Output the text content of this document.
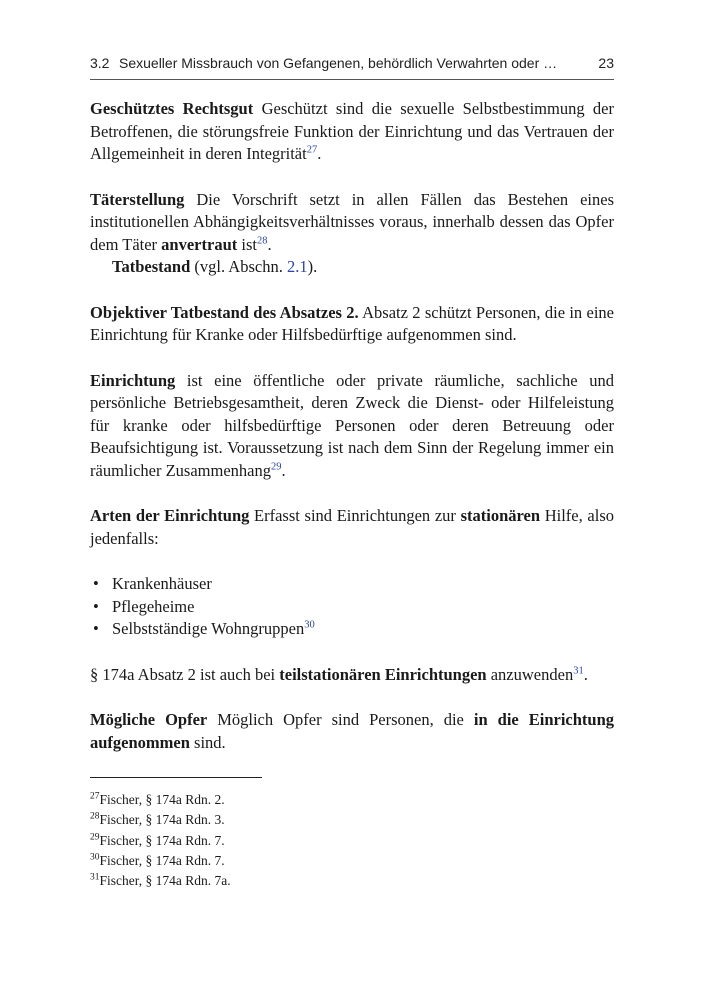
3.2 Sexueller Missbrauch von Gefangenen, behördlich Verwahrten oder …	23

Geschütztes Rechtsgut Geschützt sind die sexuelle Selbstbestimmung der Betroffenen, die störungsfreie Funktion der Einrichtung und das Vertrauen der Allgemeinheit in deren Integrität$^{27}$.

Täterstellung Die Vorschrift setzt in allen Fällen das Bestehen eines institutionellen Abhängigkeitsverhältnisses voraus, innerhalb dessen das Opfer dem Täter anvertraut ist$^{28}$.

Tatbestand (vgl. Abschn. 2.1).

Objektiver Tatbestand des Absatzes 2. Absatz 2 schützt Personen, die in eine Einrichtung für Kranke oder Hilfsbedürftige aufgenommen sind.

Einrichtung ist eine öffentliche oder private räumliche, sachliche und persönliche Betriebsgesamtheit, deren Zweck die Dienst- oder Hilfeleistung für kranke oder hilfsbedürftige Personen oder deren Betreuung oder Beaufsichtigung ist. Voraussetzung ist nach dem Sinn der Regelung immer ein räumlicher Zusammenhang$^{29}$.

Arten der Einrichtung Erfasst sind Einrichtungen zur stationären Hilfe, also jedenfalls:

• Krankenhäuser
• Pflegeheime
• Selbstständige Wohngruppen$^{30}$

§ 174a Absatz 2 ist auch bei teilstationären Einrichtungen anzuwenden$^{31}$.

Mögliche Opfer Möglich Opfer sind Personen, die in die Einrichtung aufgenommen sind.

$^{27}$Fischer, § 174a Rdn. 2.

$^{28}$Fischer, § 174a Rdn. 3.

$^{29}$Fischer, § 174a Rdn. 7.

$^{30}$Fischer, § 174a Rdn. 7.

$^{31}$Fischer, § 174a Rdn. 7a.
